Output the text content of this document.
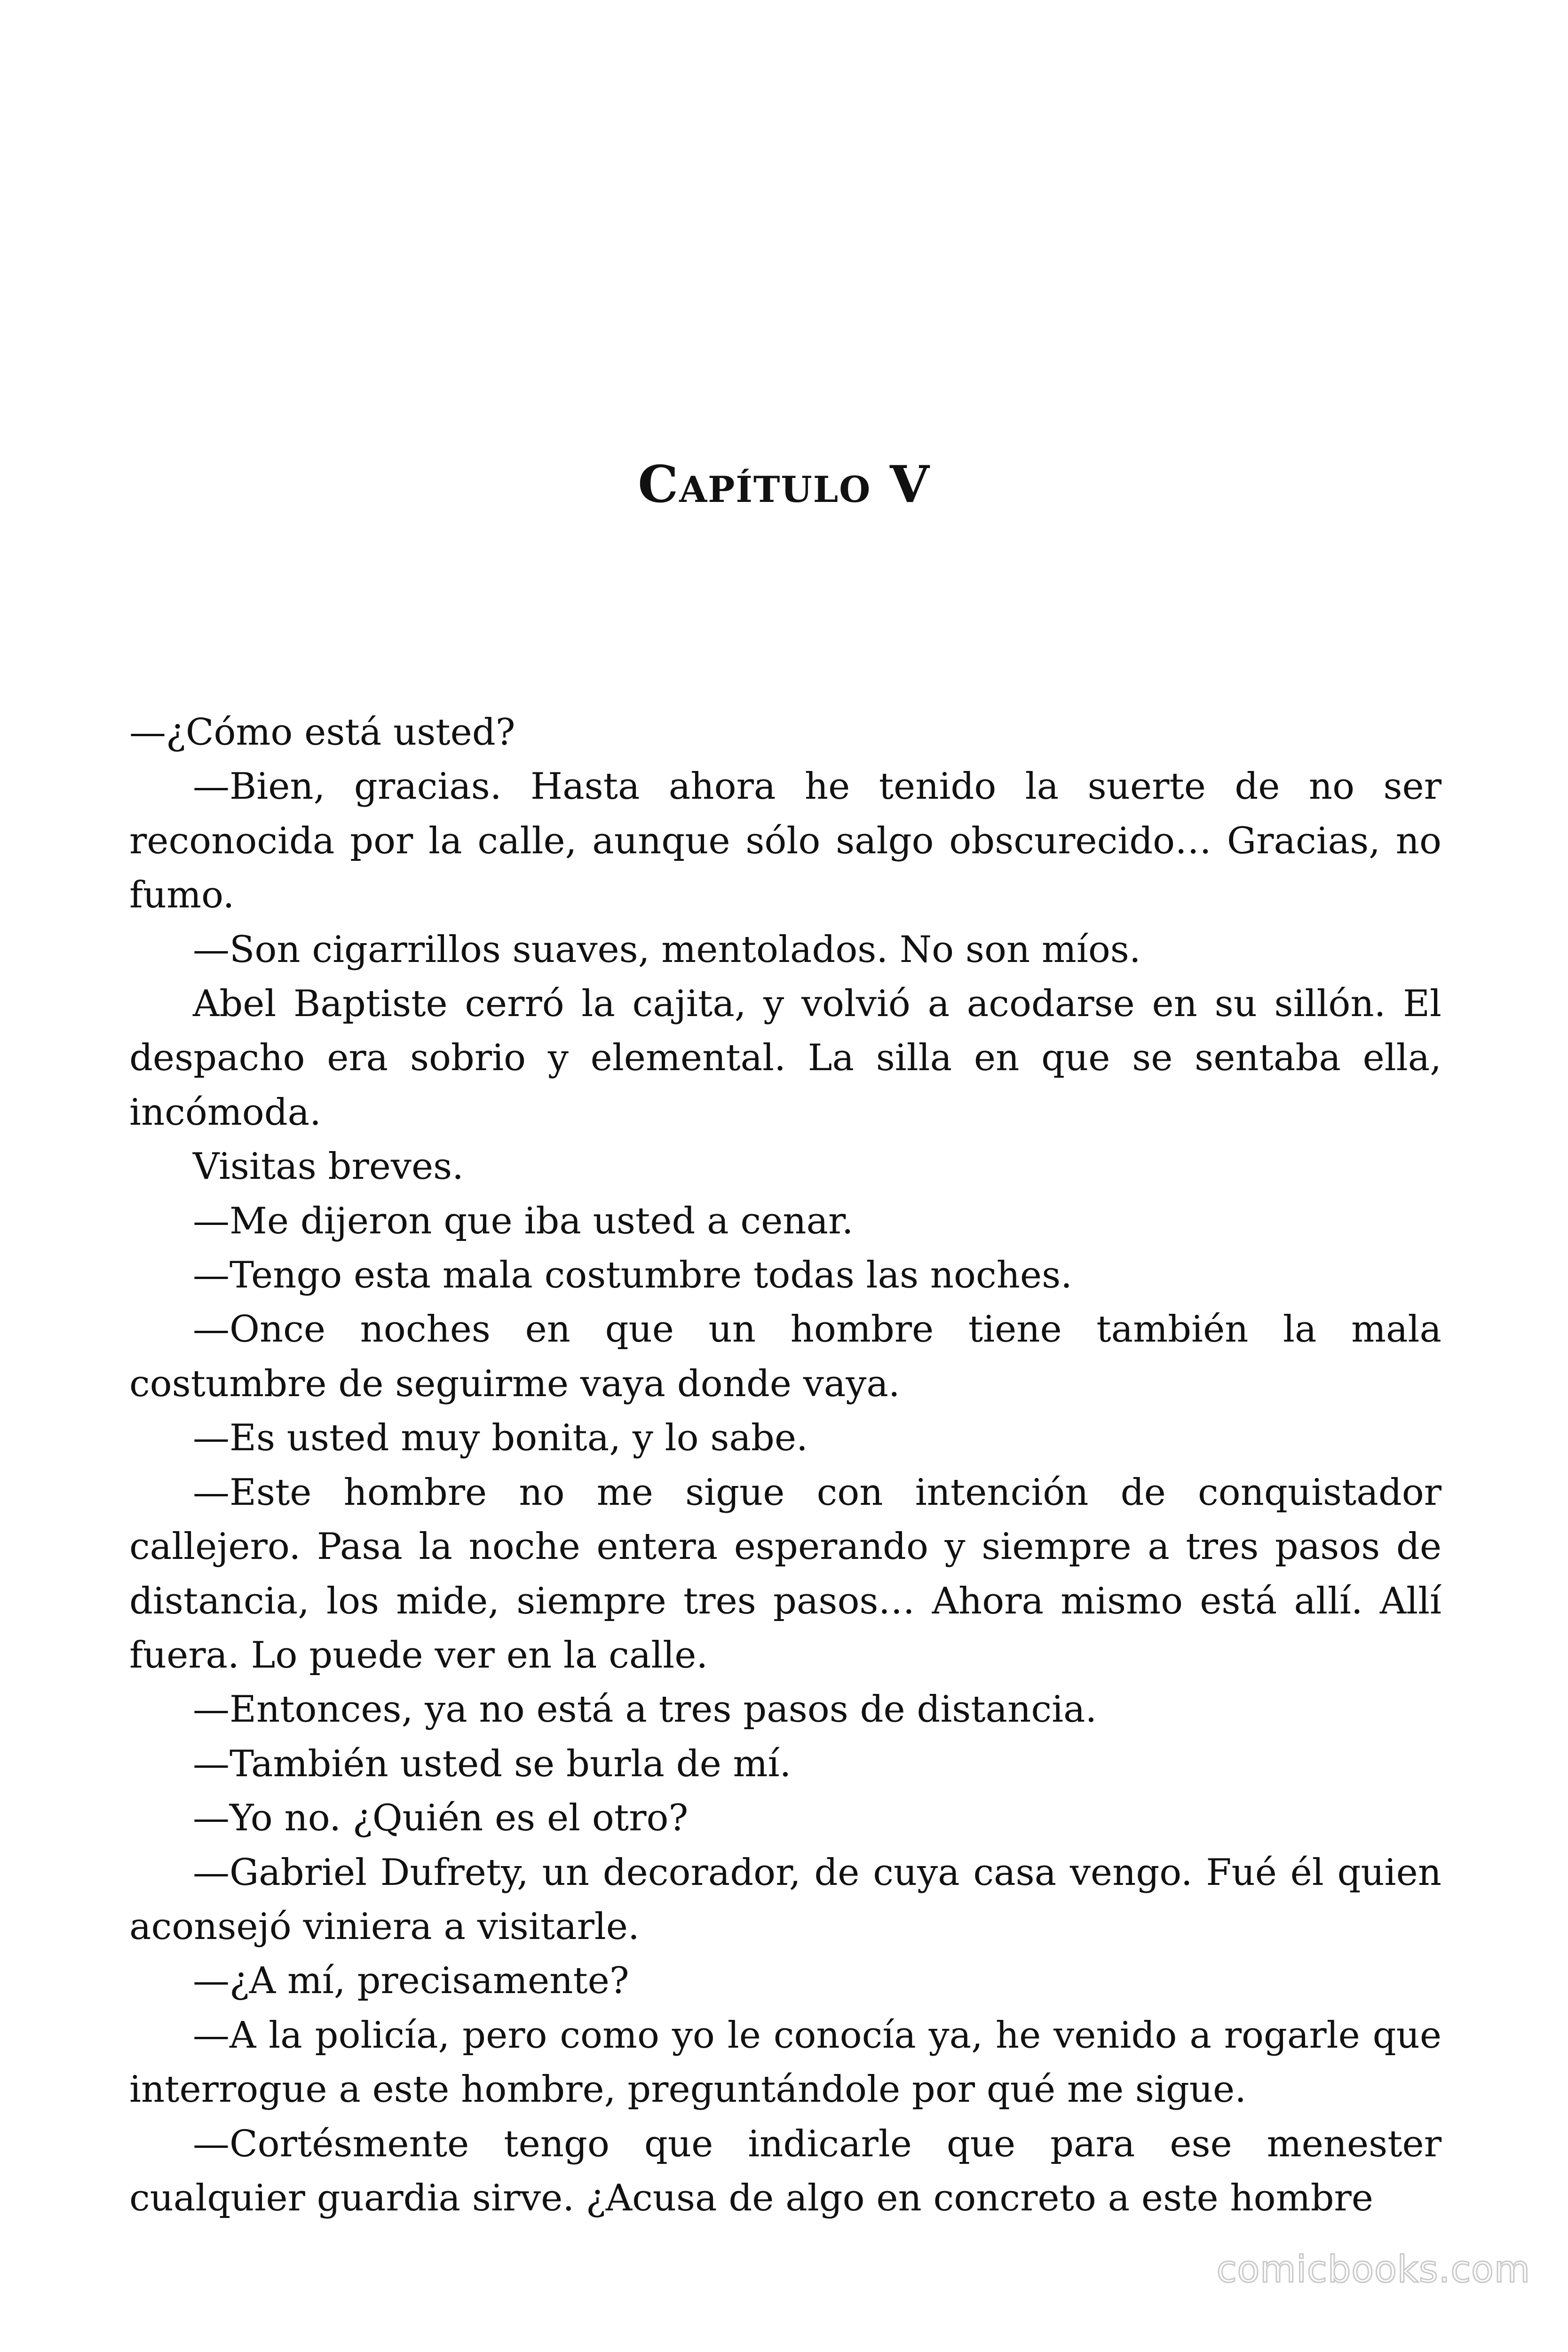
Capítulo V

—¿Cómo está usted?

—Bien, gracias. Hasta ahora he tenido la suerte de no ser reconocida por la calle, aunque sólo salgo obscurecido… Gracias, no fumo.

—Son cigarrillos suaves, mentolados. No son míos.

Abel Baptiste cerró la cajita, y volvió a acodarse en su sillón. El despacho era sobrio y elemental. La silla en que se sentaba ella, incómoda.

Visitas breves.

—Me dijeron que iba usted a cenar.

—Tengo esta mala costumbre todas las noches.

—Once noches en que un hombre tiene también la mala costumbre de seguirme vaya donde vaya.

—Es usted muy bonita, y lo sabe.

—Este hombre no me sigue con intención de conquistador callejero. Pasa la noche entera esperando y siempre a tres pasos de distancia, los mide, siempre tres pasos… Ahora mismo está allí. Allí fuera. Lo puede ver en la calle.

—Entonces, ya no está a tres pasos de distancia.

—También usted se burla de mí.

—Yo no. ¿Quién es el otro?

—Gabriel Dufrety, un decorador, de cuya casa vengo. Fué él quien aconsejó viniera a visitarle.

—¿A mí, precisamente?

—A la policía, pero como yo le conocía ya, he venido a rogarle que interrogue a este hombre, preguntándole por qué me sigue.

—Cortésmente tengo que indicarle que para ese menester cualquier guardia sirve. ¿Acusa de algo en concreto a este hombre

comicbooks.com
